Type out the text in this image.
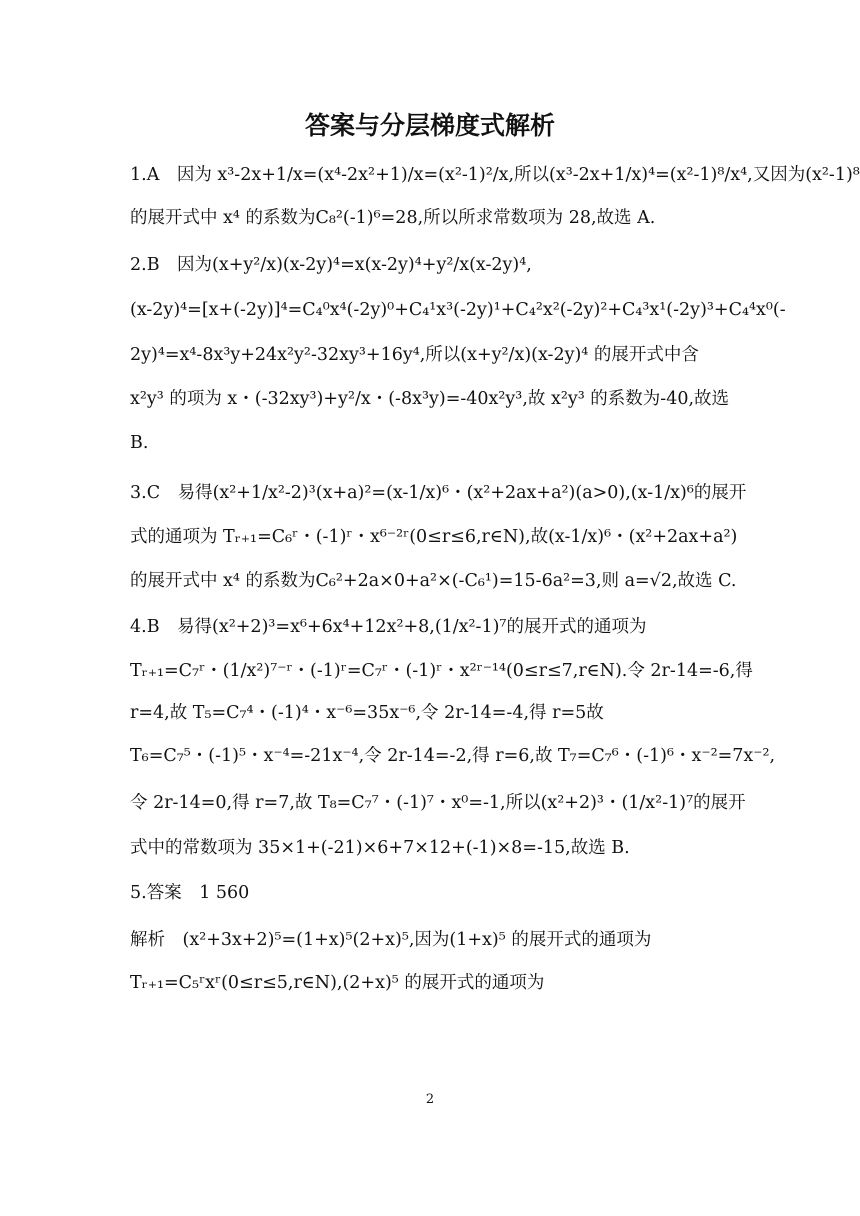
答案与分层梯度式解析
1.A　因为 x³-2x+1/x=(x⁴-2x²+1)/x=(x²-1)²/x,所以(x³-2x+1/x)⁴=(x²-1)⁸/x⁴,又因为(x²-1)⁸
的展开式中 x⁴ 的系数为C₈²(-1)⁶=28,所以所求常数项为 28,故选 A.
2.B　因为(x+y²/x)(x-2y)⁴=x(x-2y)⁴+y²/x(x-2y)⁴,
(x-2y)⁴=[x+(-2y)]⁴=C₄⁰x⁴(-2y)⁰+C₄¹x³(-2y)¹+C₄²x²(-2y)²+C₄³x¹(-2y)³+C₄⁴x⁰(-
2y)⁴=x⁴-8x³y+24x²y²-32xy³+16y⁴,所以(x+y²/x)(x-2y)⁴ 的展开式中含
x²y³ 的项为 x・(-32xy³)+y²/x・(-8x³y)=-40x²y³,故 x²y³ 的系数为-40,故选
B.
3.C　易得(x²+1/x²-2)³(x+a)²=(x-1/x)⁶・(x²+2ax+a²)(a>0),(x-1/x)⁶的展开
式的通项为 Tᵣ₊₁=C₆ʳ・(-1)ʳ・x⁶⁻²ʳ(0≤r≤6,r∈N),故(x-1/x)⁶・(x²+2ax+a²)
的展开式中 x⁴ 的系数为C₆²+2a×0+a²×(-C₆¹)=15-6a²=3,则 a=√2,故选 C.
4.B　易得(x²+2)³=x⁶+6x⁴+12x²+8,(1/x²-1)⁷的展开式的通项为
Tᵣ₊₁=C₇ʳ・(1/x²)⁷⁻ʳ・(-1)ʳ=C₇ʳ・(-1)ʳ・x²ʳ⁻¹⁴(0≤r≤7,r∈N).令 2r-14=-6,得
r=4,故 T₅=C₇⁴・(-1)⁴・x⁻⁶=35x⁻⁶,令 2r-14=-4,得 r=5故
T₆=C₇⁵・(-1)⁵・x⁻⁴=-21x⁻⁴,令 2r-14=-2,得 r=6,故 T₇=C₇⁶・(-1)⁶・x⁻²=7x⁻²,
令 2r-14=0,得 r=7,故 T₈=C₇⁷・(-1)⁷・x⁰=-1,所以(x²+2)³・(1/x²-1)⁷的展开
式中的常数项为 35×1+(-21)×6+7×12+(-1)×8=-15,故选 B.
5.答案　1 560
解析　(x²+3x+2)⁵=(1+x)⁵(2+x)⁵,因为(1+x)⁵ 的展开式的通项为
Tᵣ₊₁=C₅ʳxʳ(0≤r≤5,r∈N),(2+x)⁵ 的展开式的通项为
2
